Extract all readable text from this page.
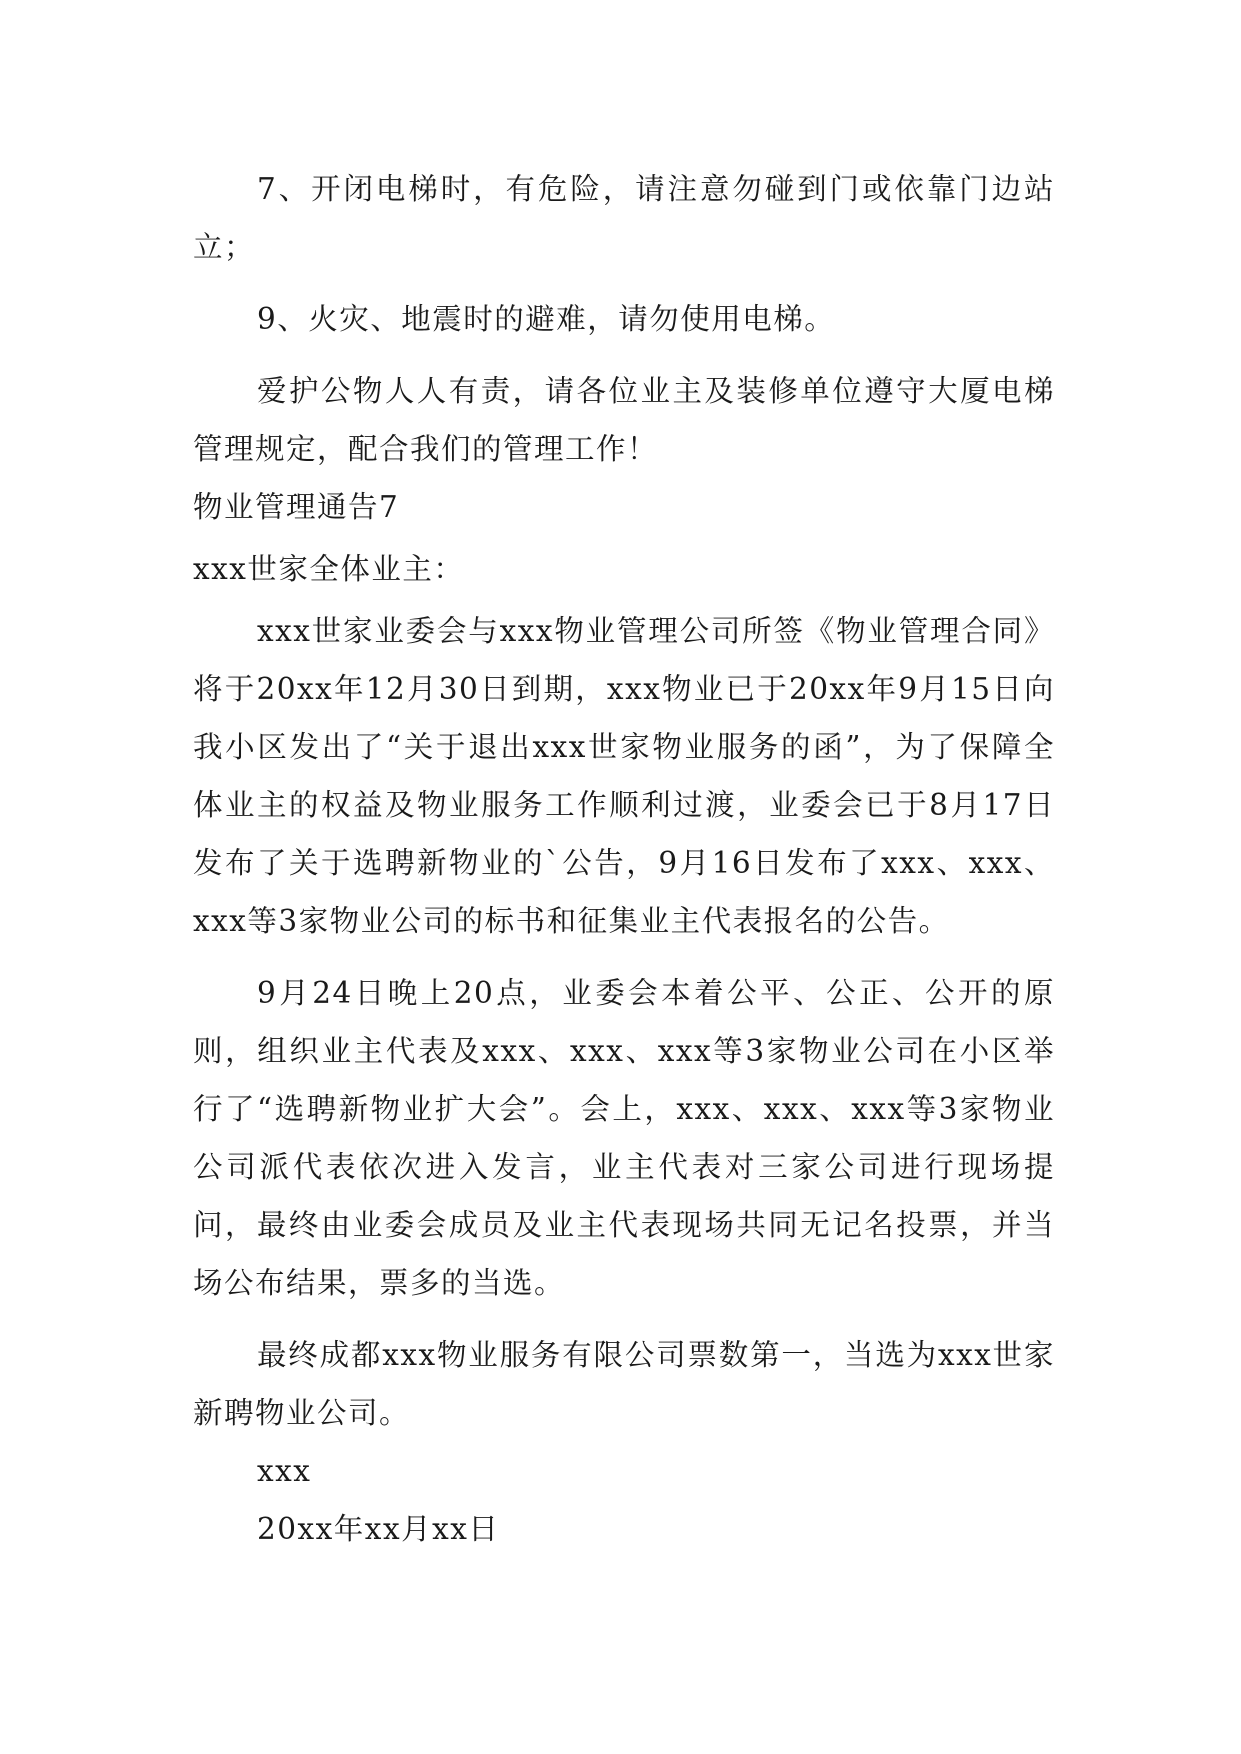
7、开闭电梯时，有危险，请注意勿碰到门或依靠门边站立；

9、火灾、地震时的避难，请勿使用电梯。

爱护公物人人有责，请各位业主及装修单位遵守大厦电梯管理规定，配合我们的管理工作！

物业管理通告7

xxx世家全体业主：

xxx世家业委会与xxx物业管理公司所签《物业管理合同》将于20xx年12月30日到期，xxx物业已于20xx年9月15日向我小区发出了“关于退出xxx世家物业服务的函”，为了保障全体业主的权益及物业服务工作顺利过渡，业委会已于8月17日发布了关于选聘新物业的`公告，9月16日发布了xxx、xxx、xxx等3家物业公司的标书和征集业主代表报名的公告。

9月24日晚上20点，业委会本着公平、公正、公开的原则，组织业主代表及xxx、xxx、xxx等3家物业公司在小区举行了“选聘新物业扩大会”。会上，xxx、xxx、xxx等3家物业公司派代表依次进入发言，业主代表对三家公司进行现场提问，最终由业委会成员及业主代表现场共同无记名投票，并当场公布结果，票多的当选。

最终成都xxx物业服务有限公司票数第一，当选为xxx世家新聘物业公司。

xxx

20xx年xx月xx日
